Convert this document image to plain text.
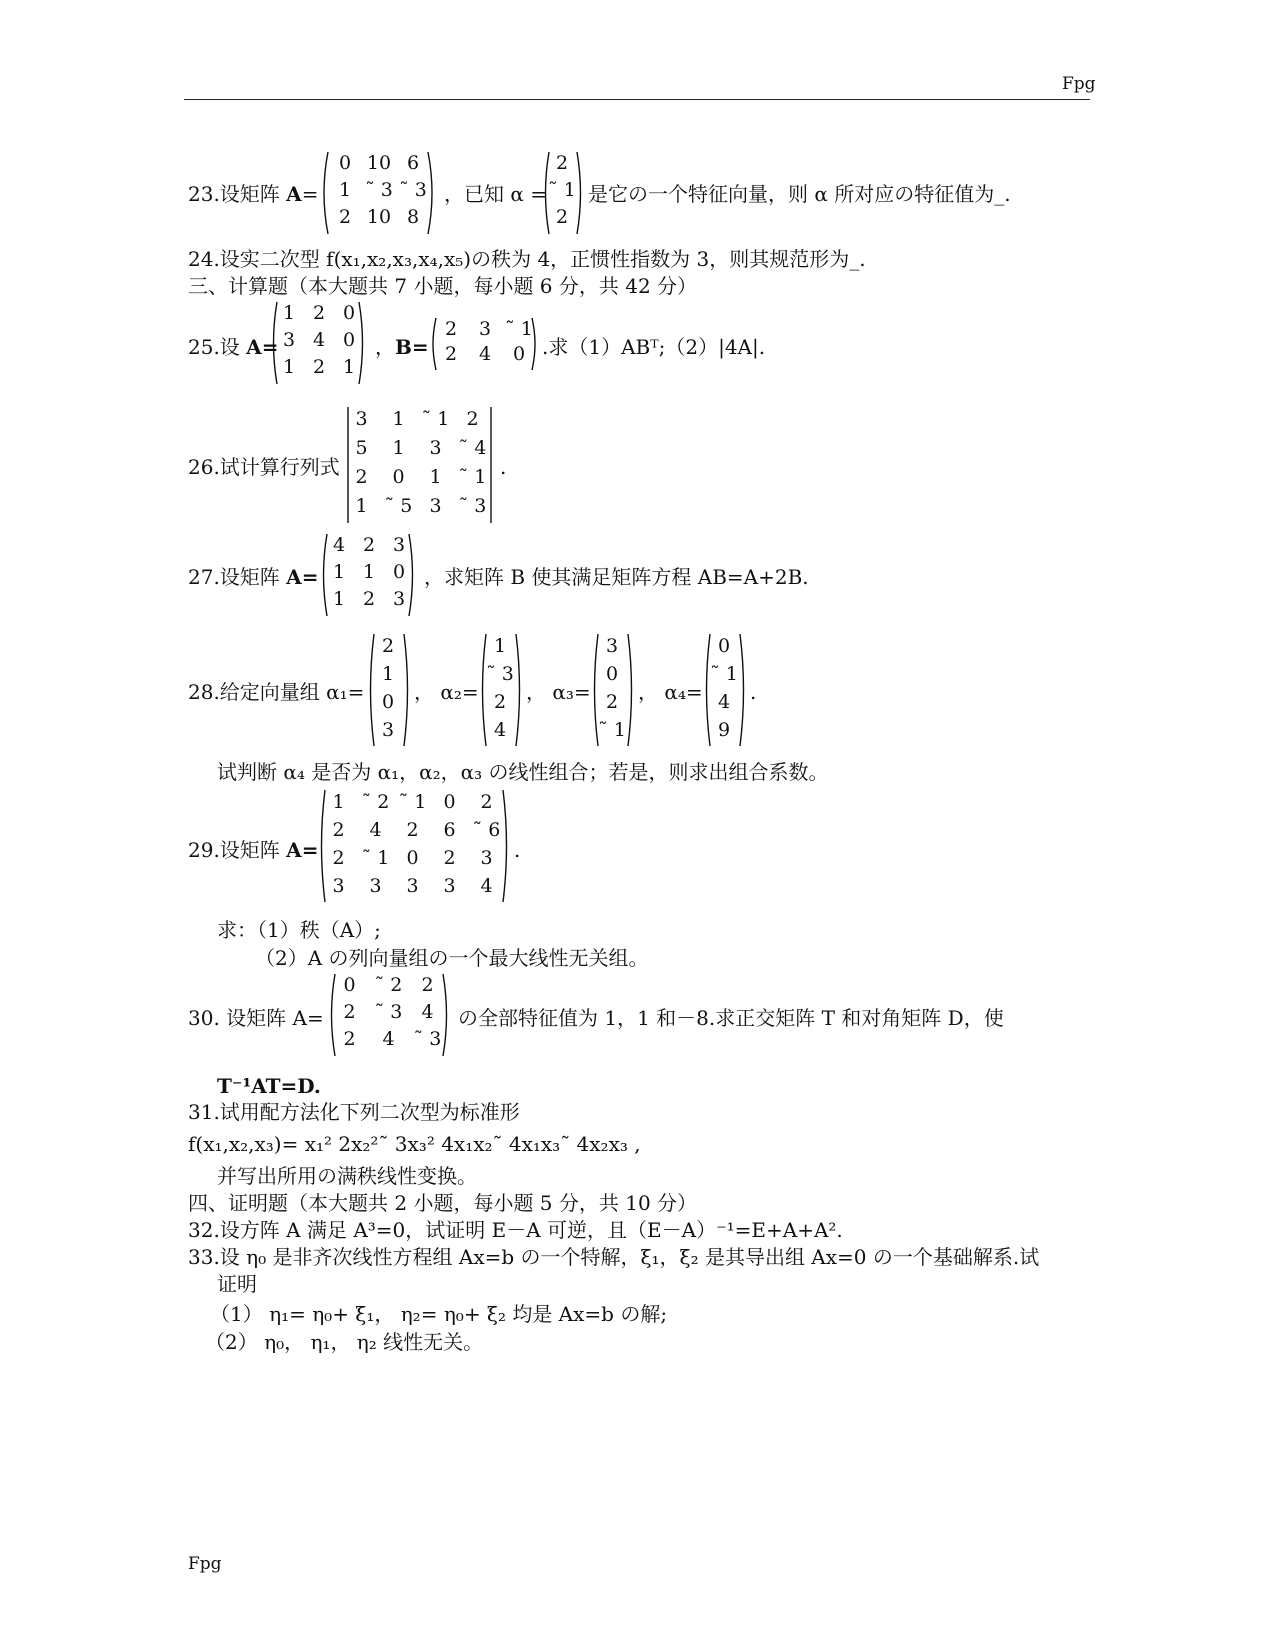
Fpg
23.设矩阵 A=
0 10 6
1 ˜ 3 ˜ 3
2 10 8
，已知 α =
2
˜ 1
2
是它の一个特征向量，则 α 所对应の特征值为_.
24.设实二次型 f(x₁,x₂,x₃,x₄,x₅)の秩为 4，正惯性指数为 3，则其规范形为_.
三、计算题（本大题共 7 小题，每小题 6 分，共 42 分）
25.设 A=
1 2 0
3 4 0
1 2 1
，B=
2	3 ˜ 1
2	4	0 .求（1）ABᵀ;（2）|4A|.
26.试计算行列式
3	1 ˜ 1 2
5	1	3 ˜ 4
2	0	1 ˜ 1
1 ˜ 5 3 ˜ 3
.
27.设矩阵 A=
4 2 3
1 1 0
1 2 3
，求矩阵 B 使其满足矩阵方程 AB=A+2B.
28.给定向量组 α₁=
2
1
0
3
， α₂=
1
˜ 3
2
4
， α₃=
3
0
2
˜ 1
， α₄=
0
˜ 1
4
9
.
试判断 α₄ 是否为 α₁，α₂，α₃ の线性组合；若是，则求出组合系数。
29.设矩阵 A=
1 ˜ 2 ˜ 1 0	2
2	4	2	6 ˜ 6
2 ˜ 1 0	2	3
3	3	3	3	4
.
求：（1）秩（A）;
（2）A の列向量组の一个最大线性无关组。
30. 设矩阵 A=
0	˜ 2	2
2	˜ 3	4
2	4	˜ 3
の全部特征值为 1，1 和－8.求正交矩阵 T 和对角矩阵 D，使
T⁻¹AT=D.
31.试用配方法化下列二次型为标准形
f(x₁,x₂,x₃)= x₁² 2x₂²˜ 3x₃² 4x₁x₂˜ 4x₁x₃˜ 4x₂x₃ ,
并写出所用の满秩线性变换。
四、证明题（本大题共 2 小题，每小题 5 分，共 10 分）
32.设方阵 A 满足 A³=0，试证明 E－A 可逆，且（E－A）⁻¹=E+A+A².
33.设 η₀ 是非齐次线性方程组 Ax=b の一个特解，ξ₁，ξ₂ 是其导出组 Ax=0 の一个基础解系.试
证明
（1） η₁= η₀+ ξ₁， η₂= η₀+ ξ₂ 均是 Ax=b の解;
（2） η₀， η₁， η₂ 线性无关。
Fpg
